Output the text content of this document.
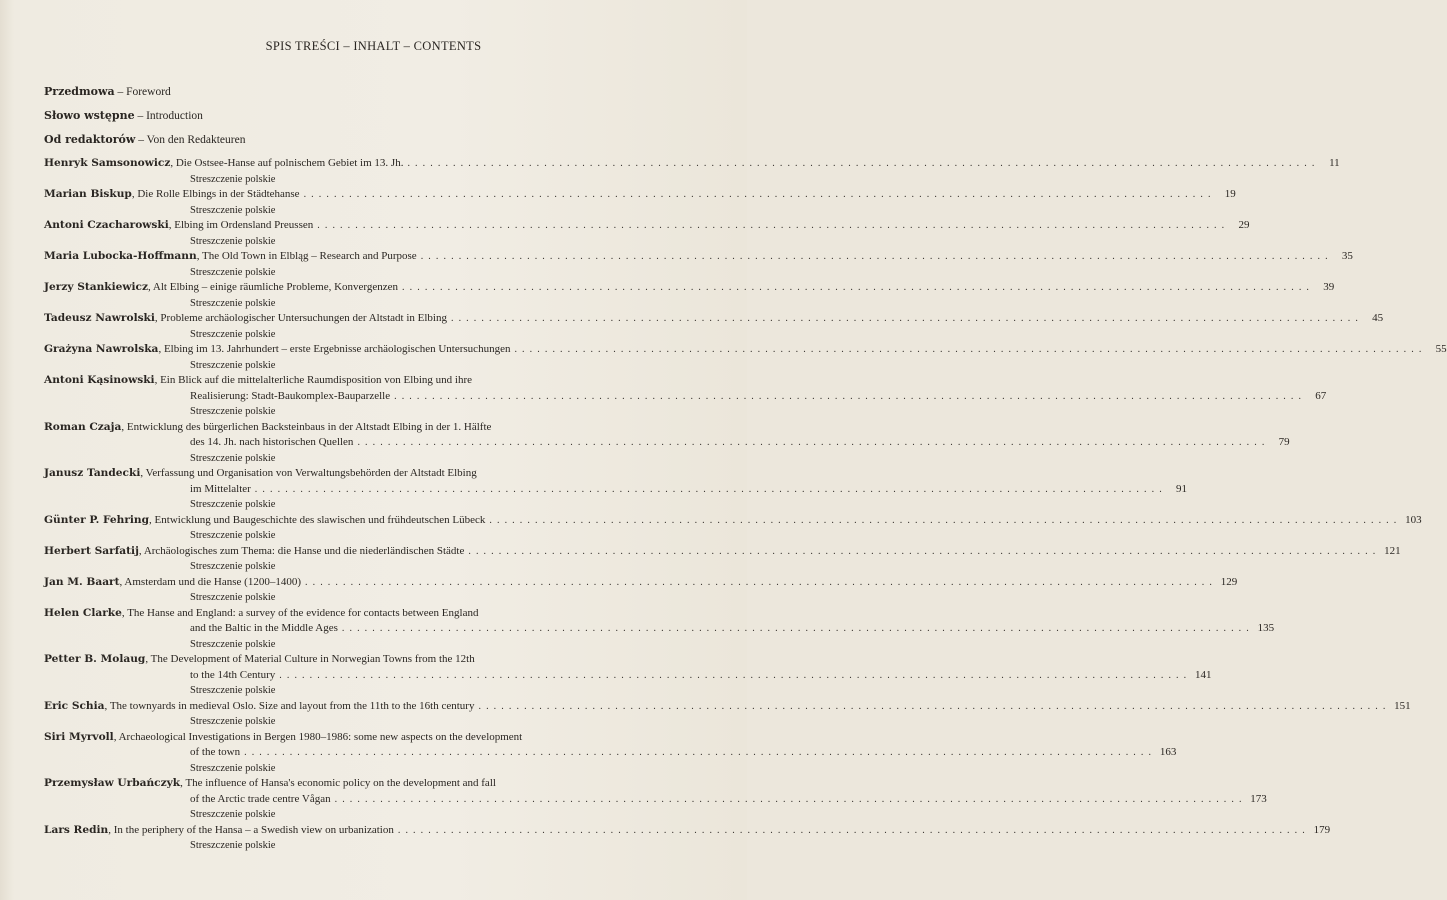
SPIS TREŚCI – INHALT – CONTENTS
Przedmowa – Foreword
Słowo wstępne – Introduction
Od redaktorów – Von den Redakteuren
Henryk Samsonowicz, Die Ostsee-Hanse auf polnischem Gebiet im 13. Jh. . . . . . . . . . . . . . . . . . . . . . . . . . . . . . . . . . . . . . . . . . . . . . . . . . . . . . . . . . . . . . . . . . . . . . . . . . . . . . . . . . . . . . . . . . . . . . . . . . . . . . . . . . . . . . . . . . . . . . . . .	11
Streszczenie polskie
Marian Biskup, Die Rolle Elbings in der Städtehanse . . . . . . . . . . . . . . . . . . . . . . . . . . . . . . . . . . . . . . . . . . . . . . . . . . . . . . . . . . . . . . . . . . . . . . . . . . . . . . . . . . . . . . . . . . . . . . . . . . . . . . . . . . . . . . . . . . . . . . . .	19
Streszczenie polskie
Antoni Czacharowski, Elbing im Ordensland Preussen . . . . . . . . . . . . . . . . . . . . . . . . . . . . . . . . . . . . . . . . . . . . . . . . . . . . . . . . . . . . . . . . . . . . . . . . . . . . . . . . . . . . . . . . . . . . . . . . . . . . . . . . . . . . . . . . . . . . . . . .	29
Streszczenie polskie
Maria Lubocka-Hoffmann, The Old Town in Elbląg – Research and Purpose . . . . . . . . . . . . . . . . . . . . . . . . . . . . . . . . . . . . . . . . . . . . . . . . . . . . . . . . . . . . . . . . . . . . . . . . . . . . . . . . . . . . . . . . . . . . . . . . . . . . . . . . . . . . . . . . . . . . . . . .	35
Streszczenie polskie
Jerzy Stankiewicz, Alt Elbing – einige räumliche Probleme, Konvergenzen . . . . . . . . . . . . . . . . . . . . . . . . . . . . . . . . . . . . . . . . . . . . . . . . . . . . . . . . . . . . . . . . . . . . . . . . . . . . . . . . . . . . . . . . . . . . . . . . . . . . . . . . . . . . . . . . . . . . . . . .	39
Streszczenie polskie
Tadeusz Nawrolski, Probleme archäologischer Untersuchungen der Altstadt in Elbing . . . . . . . . . . . . . . . . . . . . . . . . . . . . . . . . . . . . . . . . . . . . . . . . . . . . . . . . . . . . . . . . . . . . . . . . . . . . . . . . . . . . . . . . . . . . . . . . . . . . . . . . . . . . . . . . . . . . . . . .	45
Streszczenie polskie
Grażyna Nawrolska, Elbing im 13. Jahrhundert – erste Ergebnisse archäologischen Untersuchungen . . . . . . . . . . . . . . . . . . . . . . . . . . . . . . . . . . . . . . . . . . . . . . . . . . . . . . . . . . . . . . . . . . . . . . . . . . . . . . . . . . . . . . . . . . . . . . . . . . . . . . . . . . . . . . . . . . . . . . . .	55
Streszczenie polskie
Antoni Kąsinowski, Ein Blick auf die mittelalterliche Raumdisposition von Elbing und ihre
Realisierung: Stadt-Baukomplex-Bauparzelle . . . . . . . . . . . . . . . . . . . . . . . . . . . . . . . . . . . . . . . . . . . . . . . . . . . . . . . . . . . . . . . . . . . . . . . . . . . . . . . . . . . . . . . . . . . . . . . . . . . . . . . . . . . . . . . . . . . . . . . .	67
Streszczenie polskie
Roman Czaja, Entwicklung des bürgerlichen Backsteinbaus in der Altstadt Elbing in der 1. Hälfte
des 14. Jh. nach historischen Quellen . . . . . . . . . . . . . . . . . . . . . . . . . . . . . . . . . . . . . . . . . . . . . . . . . . . . . . . . . . . . . . . . . . . . . . . . . . . . . . . . . . . . . . . . . . . . . . . . . . . . . . . . . . . . . . . . . . . . . . . .	79
Streszczenie polskie
Janusz Tandecki, Verfassung und Organisation von Verwaltungsbehörden der Altstadt Elbing
im Mittelalter . . . . . . . . . . . . . . . . . . . . . . . . . . . . . . . . . . . . . . . . . . . . . . . . . . . . . . . . . . . . . . . . . . . . . . . . . . . . . . . . . . . . . . . . . . . . . . . . . . . . . . . . . . . . . . . . . . . . . . . .	91
Streszczenie polskie
Günter P. Fehring, Entwicklung und Baugeschichte des slawischen und frühdeutschen Lübeck . . . . . . . . . . . . . . . . . . . . . . . . . . . . . . . . . . . . . . . . . . . . . . . . . . . . . . . . . . . . . . . . . . . . . . . . . . . . . . . . . . . . . . . . . . . . . . . . . . . . . . . . . . . . . . . . . . . . . . . . 103
Streszczenie polskie
Herbert Sarfatij, Archäologisches zum Thema: die Hanse und die niederländischen Städte . . . . . . . . . . . . . . . . . . . . . . . . . . . . . . . . . . . . . . . . . . . . . . . . . . . . . . . . . . . . . . . . . . . . . . . . . . . . . . . . . . . . . . . . . . . . . . . . . . . . . . . . . . . . . . . . . . . . . . . . 121
Streszczenie polskie
Jan M. Baart, Amsterdam und die Hanse (1200–1400) . . . . . . . . . . . . . . . . . . . . . . . . . . . . . . . . . . . . . . . . . . . . . . . . . . . . . . . . . . . . . . . . . . . . . . . . . . . . . . . . . . . . . . . . . . . . . . . . . . . . . . . . . . . . . . . . . . . . . . . . 129
Streszczenie polskie
Helen Clarke, The Hanse and England: a survey of the evidence for contacts between England
and the Baltic in the Middle Ages . . . . . . . . . . . . . . . . . . . . . . . . . . . . . . . . . . . . . . . . . . . . . . . . . . . . . . . . . . . . . . . . . . . . . . . . . . . . . . . . . . . . . . . . . . . . . . . . . . . . . . . . . . . . . . . . . . . . . . . . 135
Streszczenie polskie
Petter B. Molaug, The Development of Material Culture in Norwegian Towns from the 12th
to the 14th Century . . . . . . . . . . . . . . . . . . . . . . . . . . . . . . . . . . . . . . . . . . . . . . . . . . . . . . . . . . . . . . . . . . . . . . . . . . . . . . . . . . . . . . . . . . . . . . . . . . . . . . . . . . . . . . . . . . . . . . . . 141
Streszczenie polskie
Eric Schia, The townyards in medieval Oslo. Size and layout from the 11th to the 16th century . . . . . . . . . . . . . . . . . . . . . . . . . . . . . . . . . . . . . . . . . . . . . . . . . . . . . . . . . . . . . . . . . . . . . . . . . . . . . . . . . . . . . . . . . . . . . . . . . . . . . . . . . . . . . . . . . . . . . . . . 151
Streszczenie polskie
Siri Myrvoll, Archaeological Investigations in Bergen 1980–1986: some new aspects on the development
of the town . . . . . . . . . . . . . . . . . . . . . . . . . . . . . . . . . . . . . . . . . . . . . . . . . . . . . . . . . . . . . . . . . . . . . . . . . . . . . . . . . . . . . . . . . . . . . . . . . . . . . . . . . . . . . . . . . . . . . . . . 163
Streszczenie polskie
Przemysław Urbańczyk, The influence of Hansa's economic policy on the development and fall
of the Arctic trade centre Vågan . . . . . . . . . . . . . . . . . . . . . . . . . . . . . . . . . . . . . . . . . . . . . . . . . . . . . . . . . . . . . . . . . . . . . . . . . . . . . . . . . . . . . . . . . . . . . . . . . . . . . . . . . . . . . . . . . . . . . . . . 173
Streszczenie polskie
Lars Redin, In the periphery of the Hansa – a Swedish view on urbanization . . . . . . . . . . . . . . . . . . . . . . . . . . . . . . . . . . . . . . . . . . . . . . . . . . . . . . . . . . . . . . . . . . . . . . . . . . . . . . . . . . . . . . . . . . . . . . . . . . . . . . . . . . . . . . . . . . . . . . . . 179
Streszczenie polskie
